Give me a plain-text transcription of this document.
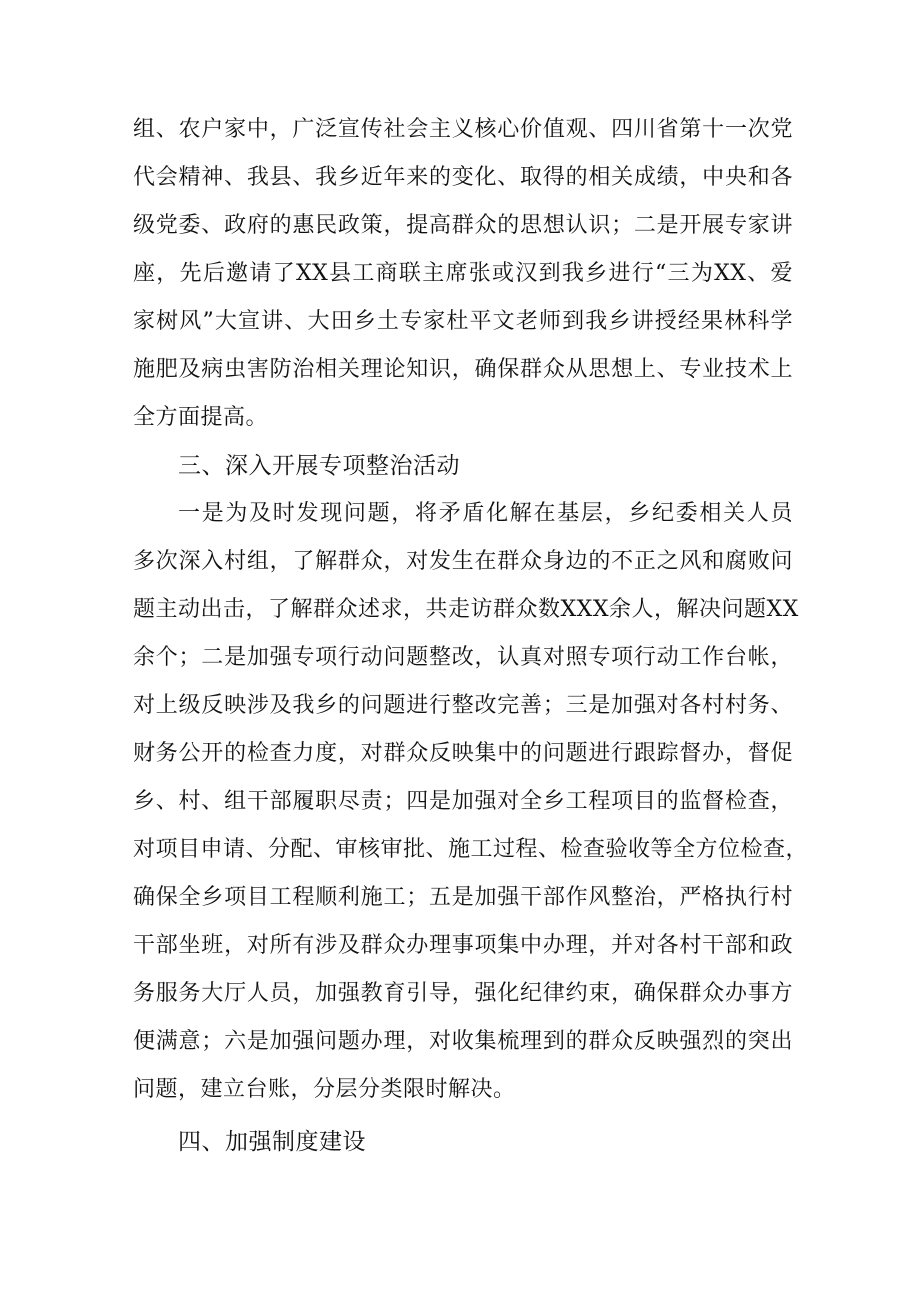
组、农户家中，广泛宣传社会主义核心价值观、四川省第十一次党
代会精神、我县、我乡近年来的变化、取得的相关成绩，中央和各
级党委、政府的惠民政策，提高群众的思想认识；二是开展专家讲
座，先后邀请了XX县工商联主席张或汉到我乡进行“三为XX、爱
家树风”大宣讲、大田乡土专家杜平文老师到我乡讲授经果林科学
施肥及病虫害防治相关理论知识，确保群众从思想上、专业技术上
全方面提高。
三、深入开展专项整治活动
一是为及时发现问题，将矛盾化解在基层，乡纪委相关人员
多次深入村组，了解群众，对发生在群众身边的不正之风和腐败问
题主动出击，了解群众述求，共走访群众数XXX余人，解决问题XX
余个；二是加强专项行动问题整改，认真对照专项行动工作台帐，
对上级反映涉及我乡的问题进行整改完善；三是加强对各村村务、
财务公开的检查力度，对群众反映集中的问题进行跟踪督办，督促
乡、村、组干部履职尽责；四是加强对全乡工程项目的监督检查，
对项目申请、分配、审核审批、施工过程、检查验收等全方位检查，
确保全乡项目工程顺利施工；五是加强干部作风整治，严格执行村
干部坐班，对所有涉及群众办理事项集中办理，并对各村干部和政
务服务大厅人员，加强教育引导，强化纪律约束，确保群众办事方
便满意；六是加强问题办理，对收集梳理到的群众反映强烈的突出
问题，建立台账，分层分类限时解决。
四、加强制度建设
